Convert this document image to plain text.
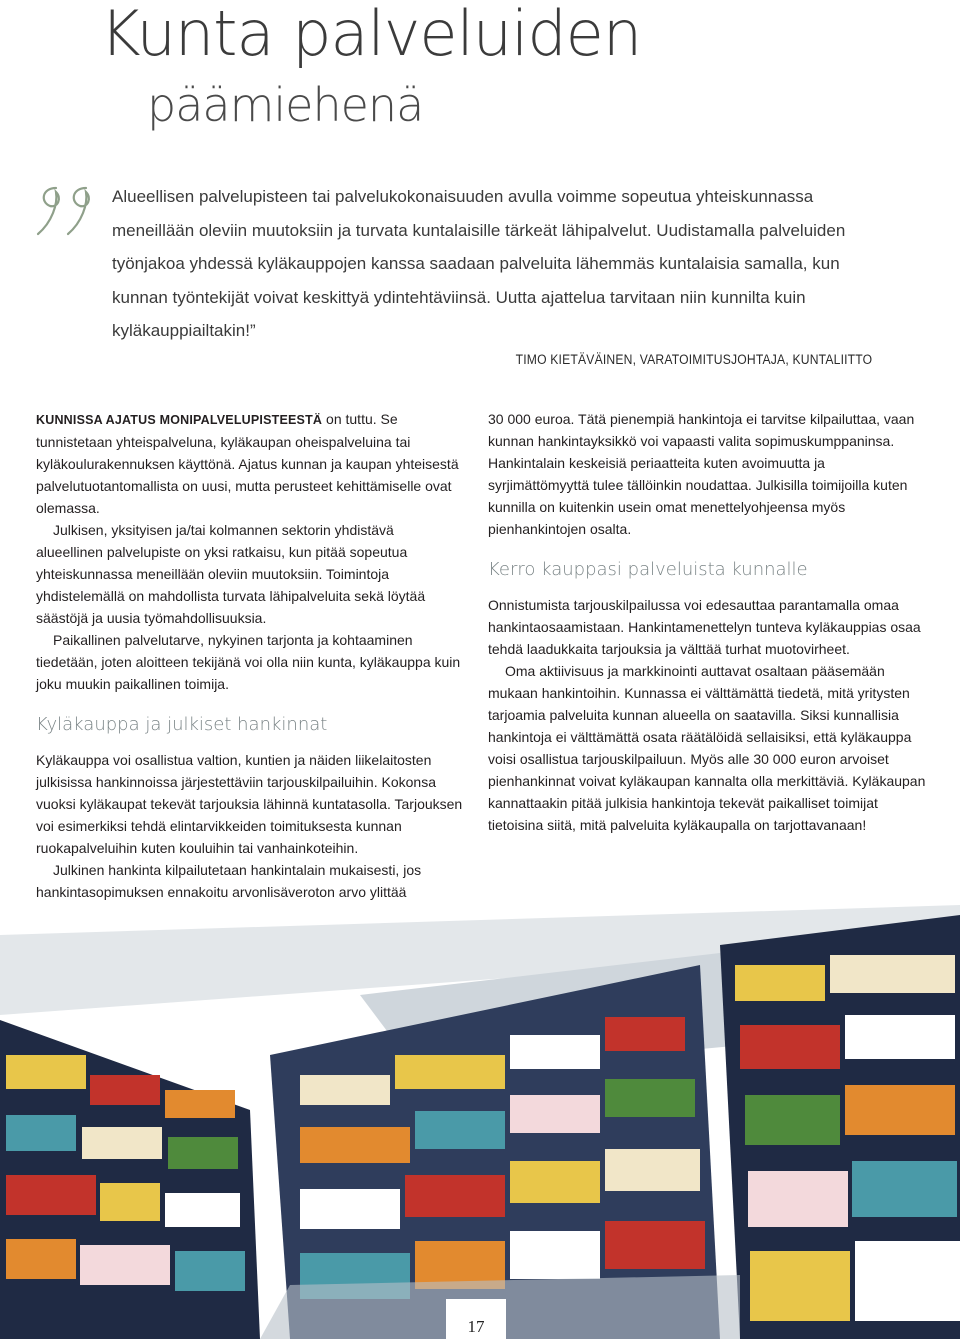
Kunta palveluiden
päämiehenä

Alueellisen palvelupisteen tai palvelukokonaisuuden avulla voimme sopeutua yhteiskunnassa meneillään oleviin muutoksiin ja turvata kuntalaisille tärkeät lähipalvelut. Uudistamalla palveluiden työnjakoa yhdessä kyläkauppojen kanssa saadaan palveluita lähemmäs kuntalaisia samalla, kun kunnan työntekijät voivat keskittyä ydintehtäviinsä. Uutta ajattelua tarvitaan niin kunnilta kuin kyläkauppiailtakin!”

TIMO KIETÄVÄINEN, VARATOIMITUSJOHTAJA, KUNTALIITTO

KUNNISSA AJATUS MONIPALVELUPISTEESTÄ on tuttu. Se tunnistetaan yhteispalveluna, kyläkaupan oheispalveluina tai kyläkoulurakennuksen käyttönä. Ajatus kunnan ja kaupan yhteisestä palvelutuotantomallista on uusi, mutta perusteet kehittämiselle ovat olemassa.

Julkisen, yksityisen ja/tai kolmannen sektorin yhdistävä alueellinen palvelupiste on yksi ratkaisu, kun pitää sopeutua yhteiskunnassa meneillään oleviin muutoksiin. Toimintoja yhdistelemällä on mahdollista turvata lähipalveluita sekä löytää säästöjä ja uusia työmahdollisuuksia.

Paikallinen palvelutarve, nykyinen tarjonta ja kohtaaminen tiedetään, joten aloitteen tekijänä voi olla niin kunta, kyläkauppa kuin joku muukin paikallinen toimija.

Kyläkauppa ja julkiset hankinnat

Kyläkauppa voi osallistua valtion, kuntien ja näiden liikelaitosten julkisissa hankinnoissa järjestettäviin tarjouskilpailuihin. Kokonsa vuoksi kyläkaupat tekevät tarjouksia lähinnä kuntatasolla. Tarjouksen voi esimerkiksi tehdä elintarvikkeiden toimituksesta kunnan ruokapalveluihin kuten kouluihin tai vanhainkoteihin.

Julkinen hankinta kilpailutetaan hankintalain mukaisesti, jos hankintasopimuksen ennakoitu arvonlisäveroton arvo ylittää

30 000 euroa. Tätä pienempiä hankintoja ei tarvitse kilpailuttaa, vaan kunnan hankintayksikkö voi vapaasti valita sopimuskumppaninsa. Hankintalain keskeisiä periaatteita kuten avoimuutta ja syrjimättömyyttä tulee tällöinkin noudattaa. Julkisilla toimijoilla kuten kunnilla on kuitenkin usein omat menettelyohjeensa myös pienhankintojen osalta.

Kerro kauppasi palveluista kunnalle

Onnistumista tarjouskilpailussa voi edesauttaa parantamalla omaa hankintaosaamistaan. Hankintamenettelyn tunteva kyläkauppias osaa tehdä laadukkaita tarjouksia ja välttää turhat muotovirheet.

Oma aktiivisuus ja markkinointi auttavat osaltaan pääsemään mukaan hankintoihin. Kunnassa ei välttämättä tiedetä, mitä yritysten tarjoamia palveluita kunnan alueella on saatavilla. Siksi kunnallisia hankintoja ei välttämättä osata räätälöidä sellaisiksi, että kyläkauppa voisi osallistua tarjouskilpailuun. Myös alle 30 000 euron arvoiset pienhankinnat voivat kyläkaupan kannalta olla merkittäviä. Kyläkaupan kannattaakin pitää julkisia hankintoja tekevät paikalliset toimijat tietoisina siitä, mitä palveluita kyläkaupalla on tarjottavanaan!

17
